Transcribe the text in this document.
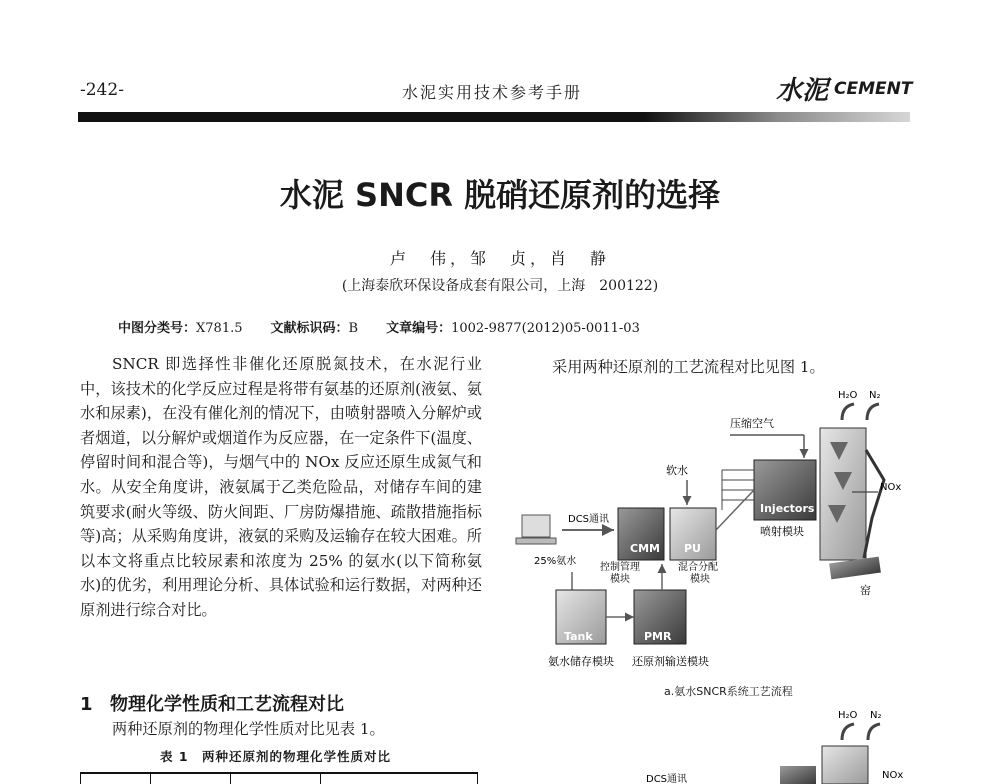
-242-	水泥实用技术参考手册	水泥 CEMENT
水泥 SNCR 脱硝还原剂的选择
卢　伟，邹　贞，肖　静
(上海泰欣环保设备成套有限公司，上海　200122)
中图分类号：X781.5 文献标识码：B 文章编号：1002-9877(2012)05-0011-03
SNCR 即选择性非催化还原脱氮技术，在水泥行业中，该技术的化学反应过程是将带有氨基的还原剂(液氨、氨水和尿素)，在没有催化剂的情况下，由喷射器喷入分解炉或者烟道，以分解炉或烟道作为反应器，在一定条件下(温度、停留时间和混合等)，与烟气中的 NOx 反应还原生成氮气和水。从安全角度讲，液氨属于乙类危险品，对储存车间的建筑要求(耐火等级、防火间距、厂房防爆措施、疏散措施指标等)高；从采购角度讲，液氨的采购及运输存在较大困难。所以本文将重点比较尿素和浓度为 25% 的氨水(以下简称氨水)的优劣，利用理论分析、具体试验和运行数据，对两种还原剂进行综合对比。
1 物理化学性质和工艺流程对比
两种还原剂的物理化学性质对比见表 1。
表 1　两种还原剂的物理化学性质对比
采用两种还原剂的工艺流程对比见图 1。
H₂O N₂
压缩空气
软水
NOx
窑
Injectors
喷射模块
DCS通讯
CMM
控制管理
模块
PU
混合分配
模块
25%氨水
Tank
氨水储存模块
PMR
还原剂输送模块
a.氨水SNCR系统工艺流程
H₂O N₂
NOx
DCS通讯
